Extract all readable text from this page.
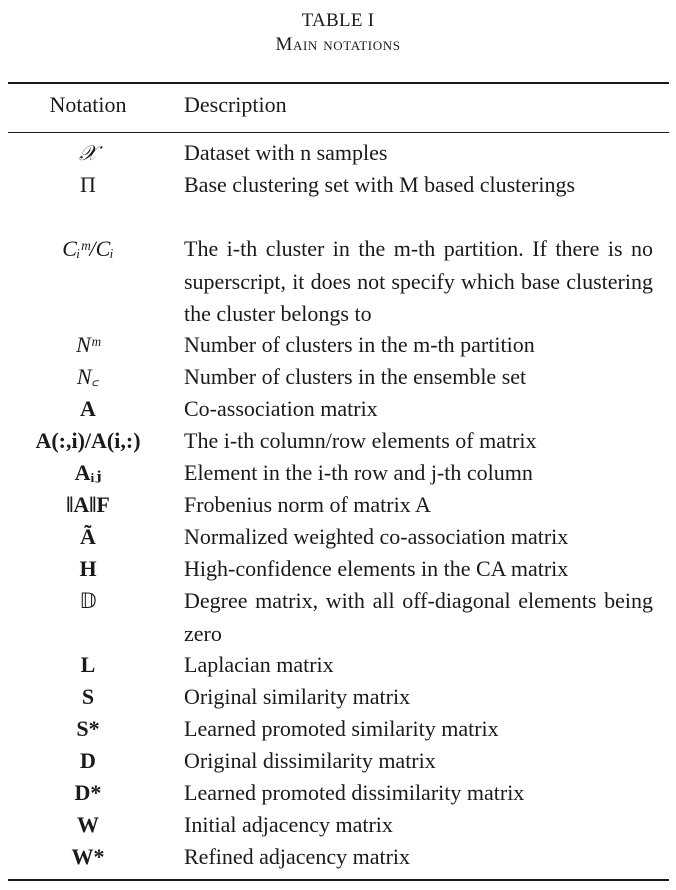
TABLE I
Main notations
Notation	Description
𝒳	Dataset with n samples
Π	Base clustering set with M based clusterings
Cᵢᵐ/Cᵢ	The i-th cluster in the m-th partition. If there is no superscript, it does not specify which base clustering the cluster belongs to
Nᵐ	Number of clusters in the m-th partition
N꜀	Number of clusters in the ensemble set
A	Co-association matrix
A(:,i)/A(i,:)	The i-th column/row elements of matrix
Aᵢⱼ	Element in the i-th row and j-th column
‖A‖F	Frobenius norm of matrix A
Ã	Normalized weighted co-association matrix
H	High-confidence elements in the CA matrix
𝔻	Degree matrix, with all off-diagonal elements being zero
L	Laplacian matrix
S	Original similarity matrix
S*	Learned promoted similarity matrix
D	Original dissimilarity matrix
D*	Learned promoted dissimilarity matrix
W	Initial adjacency matrix
W*	Refined adjacency matrix
